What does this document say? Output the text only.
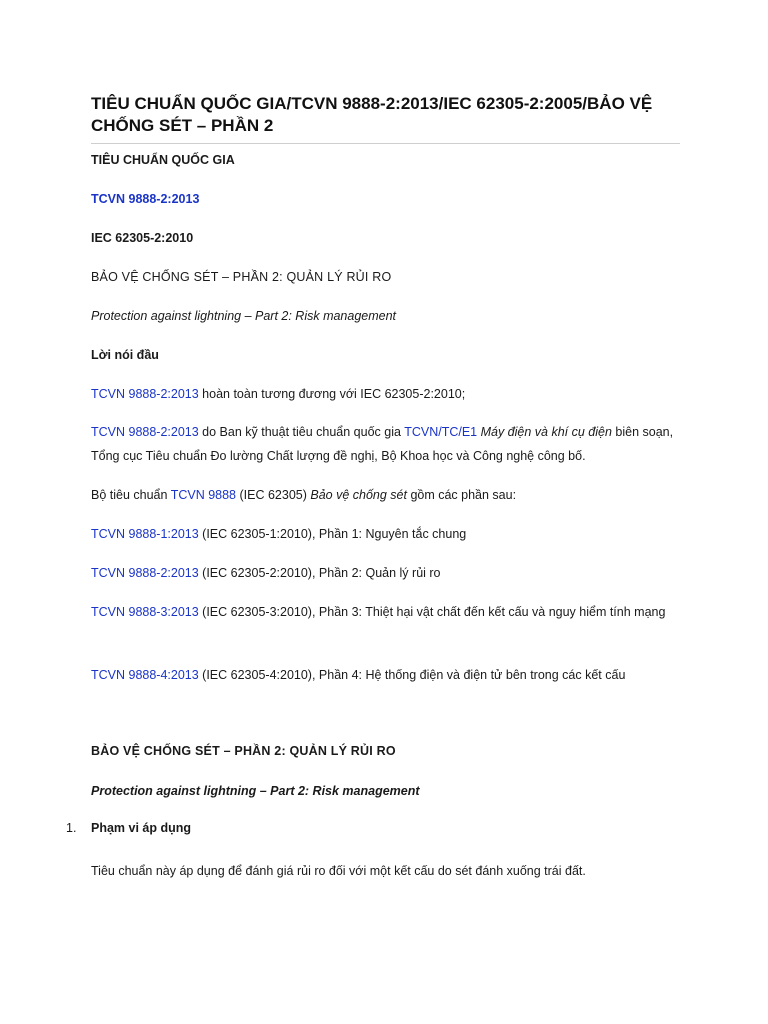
TIÊU CHUẨN QUỐC GIA/TCVN 9888-2:2013/IEC 62305-2:2005/BẢO VỆ CHỐNG SÉT – PHẦN 2

TIÊU CHUẨN QUỐC GIA

TCVN 9888-2:2013

IEC 62305-2:2010

BẢO VỆ CHỐNG SÉT – PHẦN 2: QUẢN LÝ RỦI RO

Protection against lightning – Part 2: Risk management

Lời nói đầu

TCVN 9888-2:2013 hoàn toàn tương đương với IEC 62305-2:2010;

TCVN 9888-2:2013 do Ban kỹ thuật tiêu chuẩn quốc gia TCVN/TC/E1 Máy điện và khí cụ điện biên soạn, Tổng cục Tiêu chuẩn Đo lường Chất lượng đề nghị, Bộ Khoa học và Công nghệ công bố.

Bộ tiêu chuẩn TCVN 9888 (IEC 62305) Bảo vệ chống sét gồm các phần sau:

TCVN 9888-1:2013 (IEC 62305-1:2010), Phần 1: Nguyên tắc chung

TCVN 9888-2:2013 (IEC 62305-2:2010), Phần 2: Quản lý rủi ro

TCVN 9888-3:2013 (IEC 62305-3:2010), Phần 3: Thiệt hại vật chất đến kết cấu và nguy hiểm tính mạng

TCVN 9888-4:2013 (IEC 62305-4:2010), Phần 4: Hệ thống điện và điện tử bên trong các kết cấu

BẢO VỆ CHỐNG SÉT – PHẦN 2: QUẢN LÝ RỦI RO

Protection against lightning – Part 2: Risk management

1. Phạm vi áp dụng

Tiêu chuẩn này áp dụng để đánh giá rủi ro đối với một kết cấu do sét đánh xuống trái đất.
